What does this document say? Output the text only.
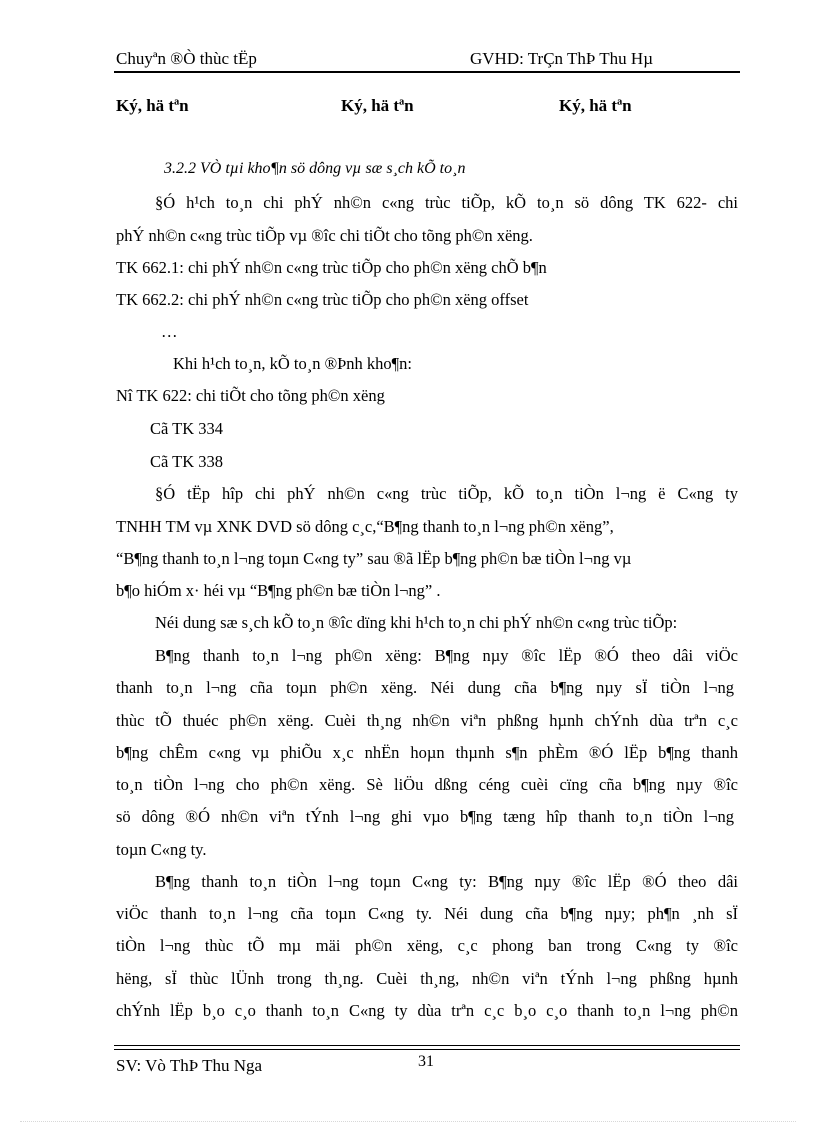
Chuyªn ®Ò thùc tËp	GVHD: TrÇn ThÞ Thu Hµ
Ký, hä tªn	Ký, hä tªn	Ký, hä tªn
3.2.2 VÒ tµi kho¶n sö dông vµ sæ s¸ch kÕ to¸n
§Ó h¹ch to¸n chi phÝ nh©n c«ng trùc tiÕp, kÕ to¸n sö dông TK 622- chi
phÝ nh©n c«ng trùc tiÕp vµ ®îc chi tiÕt cho tõng ph©n xëng.
TK 662.1: chi phÝ nh©n c«ng trùc tiÕp cho ph©n xëng chÕ b¶n
TK 662.2: chi phÝ nh©n c«ng trùc tiÕp cho ph©n xëng offset
…
Khi h¹ch to¸n, kÕ to¸n ®Þnh kho¶n:
Nî TK 622: chi tiÕt cho tõng ph©n xëng
Cã TK 334
Cã TK 338
§Ó tËp hîp chi phÝ nh©n c«ng trùc tiÕp, kÕ to¸n tiÒn l¬ng ë C«ng ty
TNHH TM vµ XNK DVD sö dông c¸c,“B¶ng thanh to¸n l¬ng ph©n xëng”,
“B¶ng thanh to¸n l¬ng toµn C«ng ty” sau ®ã lËp b¶ng ph©n bæ tiÒn l¬ng vµ
b¶o hiÓm x· héi vµ “B¶ng ph©n bæ tiÒn l¬ng” .
Néi dung sæ s¸ch kÕ to¸n ®îc dïng khi h¹ch to¸n chi phÝ nh©n c«ng trùc tiÕp:
B¶ng thanh to¸n l¬ng ph©n xëng: B¶ng nµy ®îc lËp ®Ó theo dâi viÖc
thanh to¸n l¬ng cña toµn ph©n xëng. Néi dung cña b¶ng nµy sÏ tiÒn l¬ng
thùc tÕ thuéc ph©n xëng. Cuèi th¸ng nh©n viªn phßng hµnh chÝnh dùa trªn c¸c
b¶ng chÊm c«ng vµ phiÕu x¸c nhËn hoµn thµnh s¶n phÈm ®Ó lËp b¶ng thanh
to¸n tiÒn l¬ng cho ph©n xëng. Sè liÖu dßng céng cuèi cïng cña b¶ng nµy ®îc
sö dông ®Ó nh©n viªn tÝnh l¬ng ghi vµo b¶ng tæng hîp thanh to¸n tiÒn l¬ng
toµn C«ng ty.
B¶ng thanh to¸n tiÒn l¬ng toµn C«ng ty: B¶ng nµy ®îc lËp ®Ó theo dâi
viÖc thanh to¸n l¬ng cña toµn C«ng ty. Néi dung cña b¶ng nµy; ph¶n ¸nh sÏ
tiÒn l¬ng thùc tÕ mµ mäi ph©n xëng, c¸c phong ban trong C«ng ty ®îc
hëng, sÏ thùc lÜnh trong th¸ng. Cuèi th¸ng, nh©n viªn tÝnh l¬ng phßng hµnh
chÝnh lËp b¸o c¸o thanh to¸n C«ng ty dùa trªn c¸c b¸o c¸o thanh to¸n l¬ng ph©n
SV: Vò ThÞ Thu Nga	31
